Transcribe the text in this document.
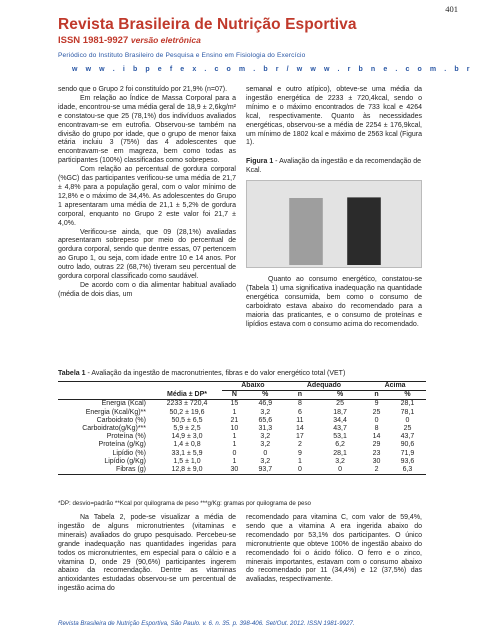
401
Revista Brasileira de Nutrição Esportiva
ISSN 1981-9927 versão eletrônica
Periódico do Instituto Brasileiro de Pesquisa e Ensino em Fisiologia do Exercício
w w w . i b p e f e x . c o m . b r / w w w . r b n e . c o m . b r

sendo que o Grupo 2 foi constituído por 21,9% (n=07).

Em relação ao Índice de Massa Corporal para a idade, encontrou-se uma média geral de 18,9 ± 2,6kg/m² e constatou-se que 25 (78,1%) dos indivíduos avaliados encontravam-se em eutrofia. Observou-se também na divisão do grupo por idade, que o grupo de menor faixa etária incluiu 3 (75%) das 4 adolescentes que encontravam-se em magreza, bem como todas as participantes (100%) classificadas como sobrepeso.

Com relação ao percentual de gordura corporal (%GC) das participantes verificou-se uma média de 21,7 ± 4,8% para a população geral, com o valor mínimo de 12,8% e o máximo de 34,4%. As adolescentes do Grupo 1 apresentaram uma média de 21,1 ± 5,2% de gordura corporal, enquanto no Grupo 2 este valor foi 21,7 ± 4,0%.

Verificou-se ainda, que 09 (28,1%) avaliadas apresentaram sobrepeso por meio do percentual de gordura corporal, sendo que dentre essas, 07 pertencem ao Grupo 1, ou seja, com idade entre 10 e 14 anos. Por outro lado, outras 22 (68,7%) tiveram seu percentual de gordura corporal classificado como saudável.

De acordo com o dia alimentar habitual avaliado (média de dois dias, um

semanal e outro atípico), obteve-se uma média da ingestão energética de 2233 ± 720,4kcal, sendo o mínimo e o máximo encontrados de 733 kcal e 4264 kcal, respectivamente. Quanto às necessidades energéticas, observou-se a média de 2254 ± 176,9kcal, um mínimo de 1802 kcal e máximo de 2563 kcal (Figura 1).

Figura 1 - Avaliação da ingestão e da recomendação de Kcal.

Quanto ao consumo energético, constatou-se (Tabela 1) uma significativa inadequação na quantidade energética consumida, bem como o consumo de carboidrato estava abaixo do recomendado para a maioria das praticantes, e o consumo de proteínas e lipídios estava com o consumo acima do recomendado.

Tabela 1 - Avaliação da ingestão de macronutrientes, fibras e do valor energético total (VET)
		Abaixo		Adequado		Acima	
	Média ± DP*	N	%	n	%	n	%
Energia (Kcal)	2233 ± 720,4	15	46,9	8	25	9	28,1
Energia (Kcal/Kg)**	50,2 ± 19,6	1	3,2	6	18,7	25	78,1
Carboidrato (%)	50,5 ± 6,5	21	65,6	11	34,4	0	0
Carboidrato(g/Kg)***	5,9 ± 2,5	10	31,3	14	43,7	8	25
Proteína (%)	14,9 ± 3,0	1	3,2	17	53,1	14	43,7
Proteína (g/Kg)	1,4 ± 0,8	1	3,2	2	6,2	29	90,6
Lipídio (%)	33,1 ± 5,9	0	0	9	28,1	23	71,9
Lipídio (g/Kg)	1,5 ± 1,0	1	3,2	1	3,2	30	93,6
Fibras (g)	12,8 ± 9,0	30	93,7	0	0	2	6,3
*DP: desvio=padrão **Kcal por quilograma de peso ***g/Kg: gramas por quilograma de peso

Na Tabela 2, pode-se visualizar a média de ingestão de alguns micronutrientes (vitaminas e minerais) avaliados do grupo pesquisado. Percebeu-se grande inadequação nas quantidades ingeridas para todos os micronutrientes, em especial para o cálcio e a vitamina D, onde 29 (90,6%) participantes ingerem abaixo da recomendação. Dentre as vitaminas antioxidantes estudadas observou-se um percentual de ingestão acima do

recomendado para vitamina C, com valor de 59,4%, sendo que a vitamina A era ingerida abaixo do recomendado por 53,1% dos participantes. O único micronutriente que obteve 100% de ingestão abaixo do recomendado foi o ácido fólico. O ferro e o zinco, minerais importantes, estavam com o consumo abaixo do recomendado por 11 (34,4%) e 12 (37,5%) das avaliadas, respectivamente.

Revista Brasileira de Nutrição Esportiva, São Paulo. v. 6. n. 35. p. 398-406. Set/Out. 2012. ISSN 1981-9927.
